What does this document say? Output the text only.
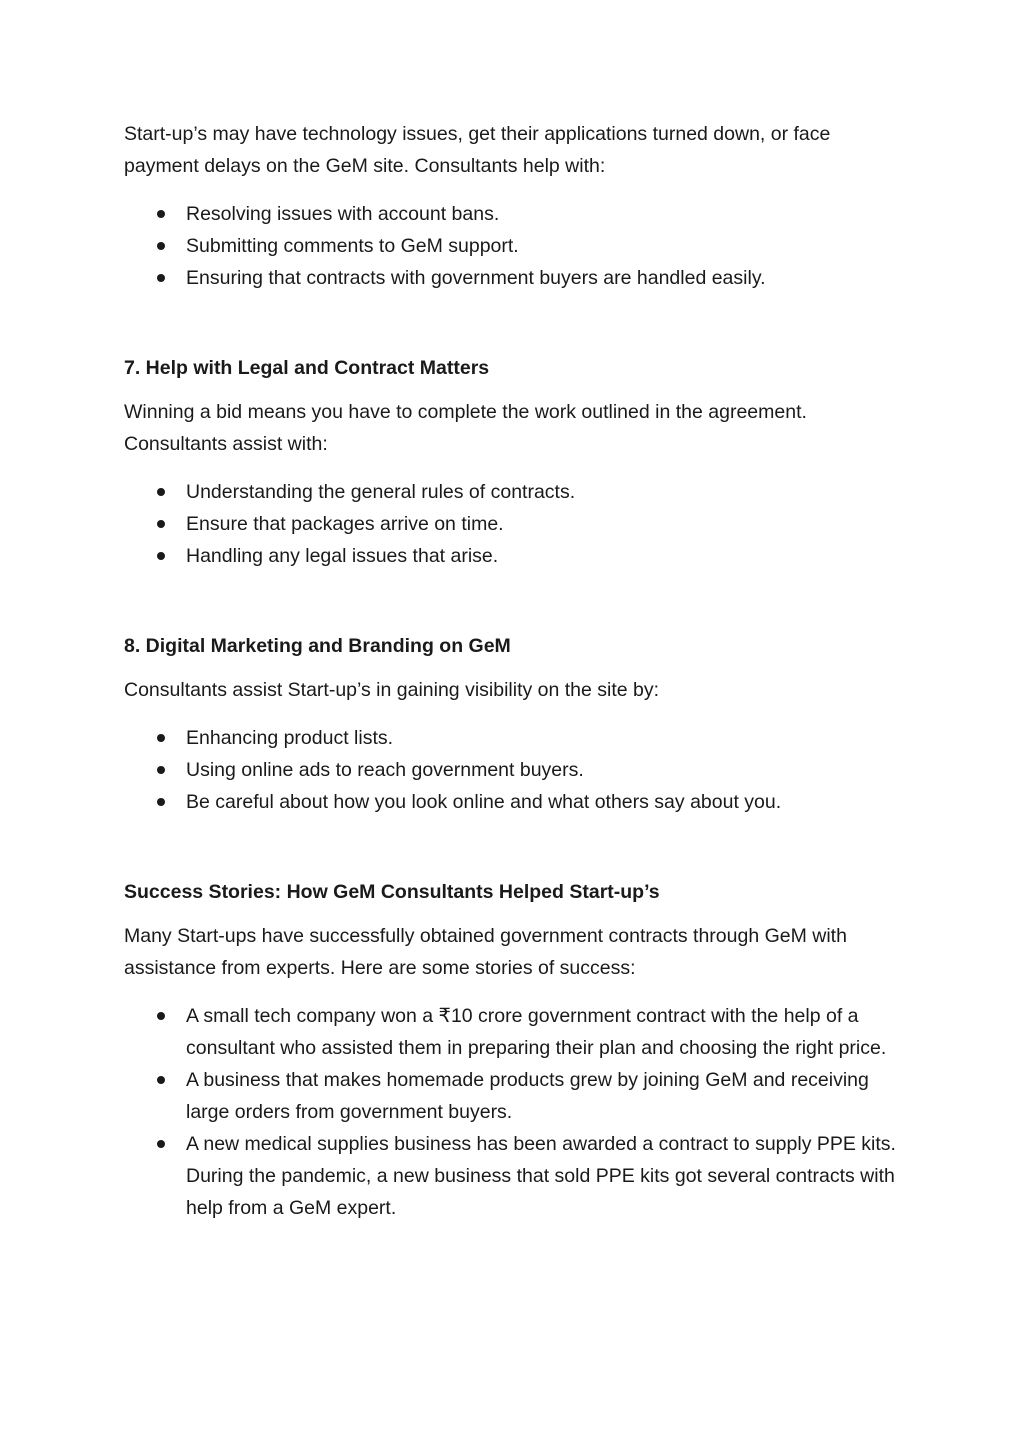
Start-up’s may have technology issues, get their applications turned down, or face payment delays on the GeM site. Consultants help with:

Resolving issues with account bans.
Submitting comments to GeM support.
Ensuring that contracts with government buyers are handled easily.
7. Help with Legal and Contract Matters

Winning a bid means you have to complete the work outlined in the agreement. Consultants assist with:

Understanding the general rules of contracts.
Ensure that packages arrive on time.
Handling any legal issues that arise.
8. Digital Marketing and Branding on GeM

Consultants assist Start-up’s in gaining visibility on the site by:

Enhancing product lists.
Using online ads to reach government buyers.
Be careful about how you look online and what others say about you.
Success Stories: How GeM Consultants Helped Start-up’s

Many Start-ups have successfully obtained government contracts through GeM with assistance from experts. Here are some stories of success:

A small tech company won a ₹10 crore government contract with the help of a consultant who assisted them in preparing their plan and choosing the right price.
A business that makes homemade products grew by joining GeM and receiving large orders from government buyers.
A new medical supplies business has been awarded a contract to supply PPE kits. During the pandemic, a new business that sold PPE kits got several contracts with help from a GeM expert.
